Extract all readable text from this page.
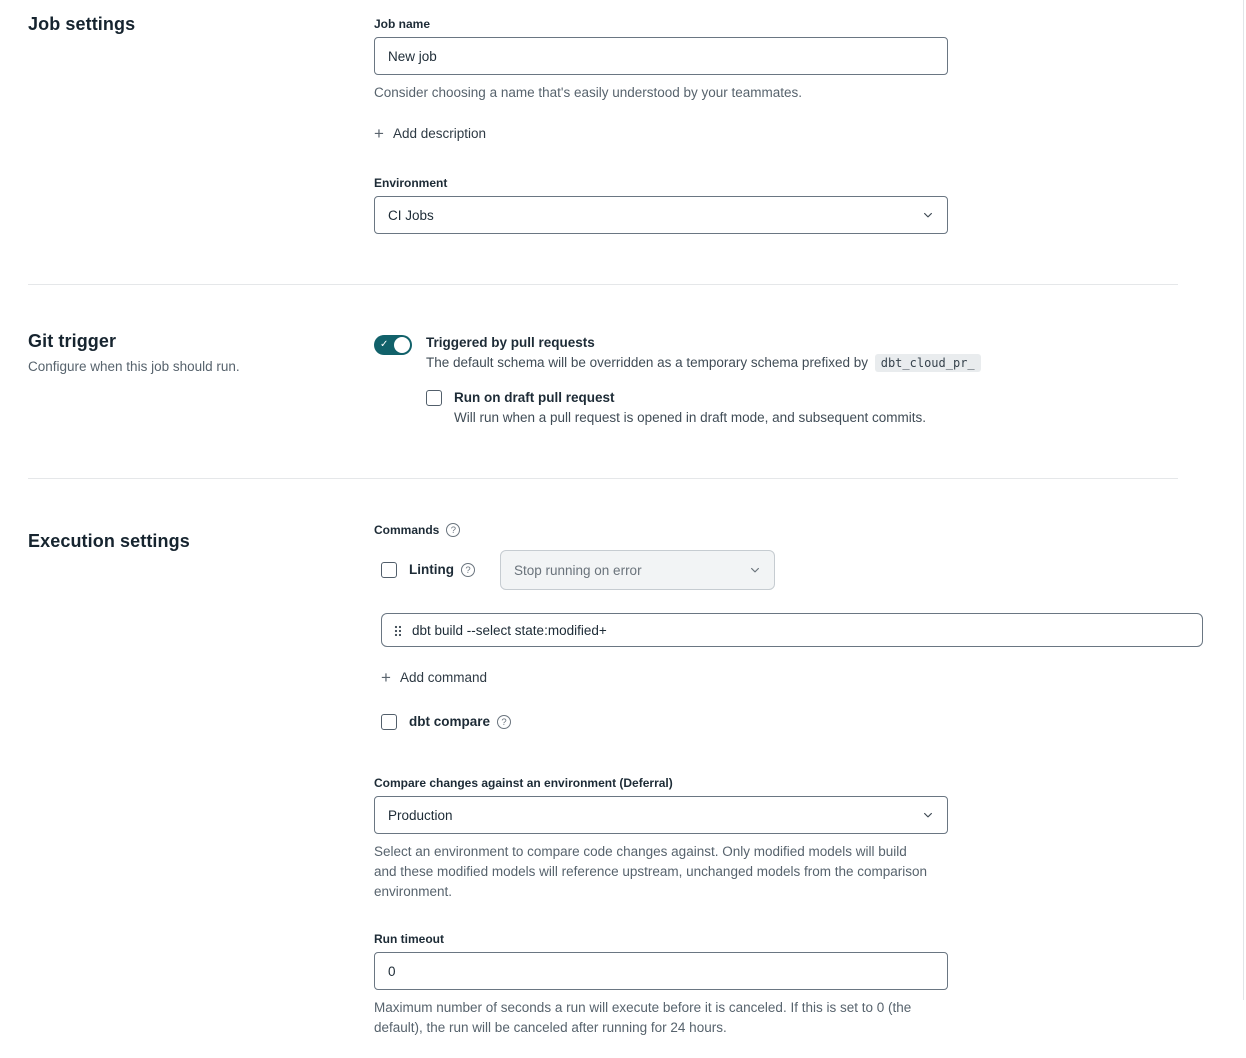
Job settings	Job name
New job

Consider choosing a name that's easily understood by your teammates.

+
Add description
Environment
CI Jobs
Git trigger

Configure when this job should run.

✓
Triggered by pull requests
The default schema will be overridden as a temporary schema prefixed by dbt_cloud_pr_
Run on draft pull request
Will run when a pull request is opened in draft mode, and subsequent commits.
Execution settings
Commands
?
Linting ?	Stop running on error
dbt build --select state:modified+
+
Add command
dbt compare
?
Compare changes against an environment (Deferral)
Production

Select an environment to compare code changes against. Only modified models will build and these modified models will reference upstream, unchanged models from the comparison environment.

Run timeout
0

Maximum number of seconds a run will execute before it is canceled. If this is set to 0 (the default), the run will be canceled after running for 24 hours.
